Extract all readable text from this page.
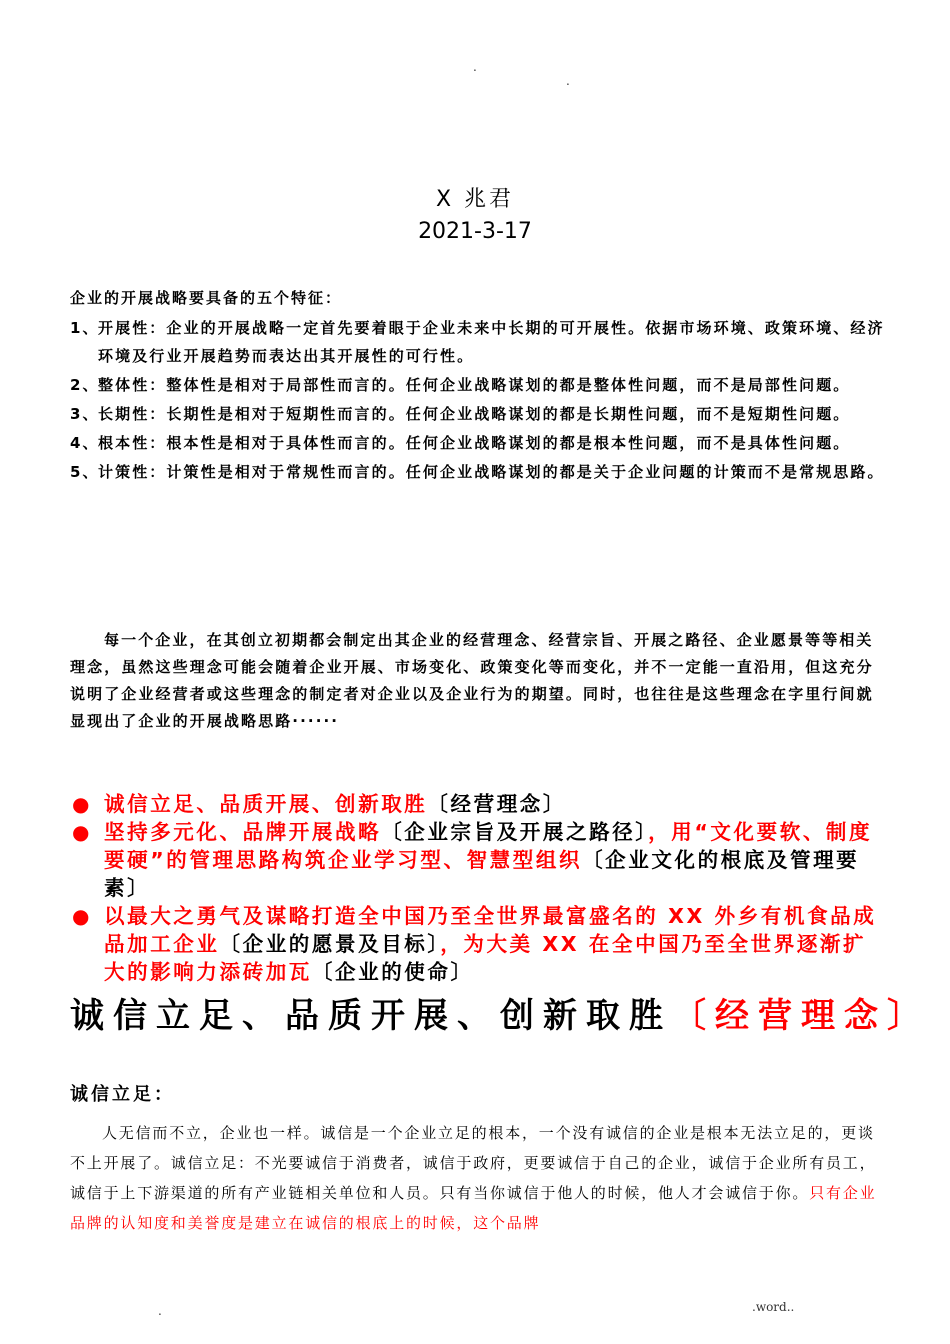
.
.
X 兆君
2021-3-17
企业的开展战略要具备的五个特征：
1、
开展性：企业的开展战略一定首先要着眼于企业未来中长期的可开展性。依据市场环境、政策环境、经济环境及行业开展趋势而表达出其开展性的可行性。
2、
整体性：整体性是相对于局部性而言的。任何企业战略谋划的都是整体性问题，而不是局部性问题。
3、
长期性：长期性是相对于短期性而言的。任何企业战略谋划的都是长期性问题，而不是短期性问题。
4、
根本性：根本性是相对于具体性而言的。任何企业战略谋划的都是根本性问题，而不是具体性问题。
5、
计策性：计策性是相对于常规性而言的。任何企业战略谋划的都是关于企业问题的计策而不是常规思路。

每一个企业，在其创立初期都会制定出其企业的经营理念、经营宗旨、开展之路径、企业愿景等等相关理念，虽然这些理念可能会随着企业开展、市场变化、政策变化等而变化，并不一定能一直沿用，但这充分说明了企业经营者或这些理念的制定者对企业以及企业行为的期望。同时，也往往是这些理念在字里行间就显现出了企业的开展战略思路······

● 诚信立足、品质开展、创新取胜〔经营理念〕
● 坚持多元化、品牌开展战略〔企业宗旨及开展之路径〕，用“文化要软、制度要硬”的管理思路构筑企业学习型、智慧型组织〔企业文化的根底及管理要素〕
● 以最大之勇气及谋略打造全中国乃至全世界最富盛名的 XX 外乡有机食品成品加工企业〔企业的愿景及目标〕，为大美 XX 在全中国乃至全世界逐渐扩大的影响力添砖加瓦〔企业的使命〕
诚信立足、品质开展、创新取胜〔经营理念〕
诚信立足：

人无信而不立，企业也一样。诚信是一个企业立足的根本，一个没有诚信的企业是根本无法立足的，更谈不上开展了。诚信立足：不光要诚信于消费者，诚信于政府，更要诚信于自己的企业，诚信于企业所有员工，诚信于上下游渠道的所有产业链相关单位和人员。只有当你诚信于他人的时候，他人才会诚信于你。只有企业品牌的认知度和美誉度是建立在诚信的根底上的时候，这个品牌

.	.word..
